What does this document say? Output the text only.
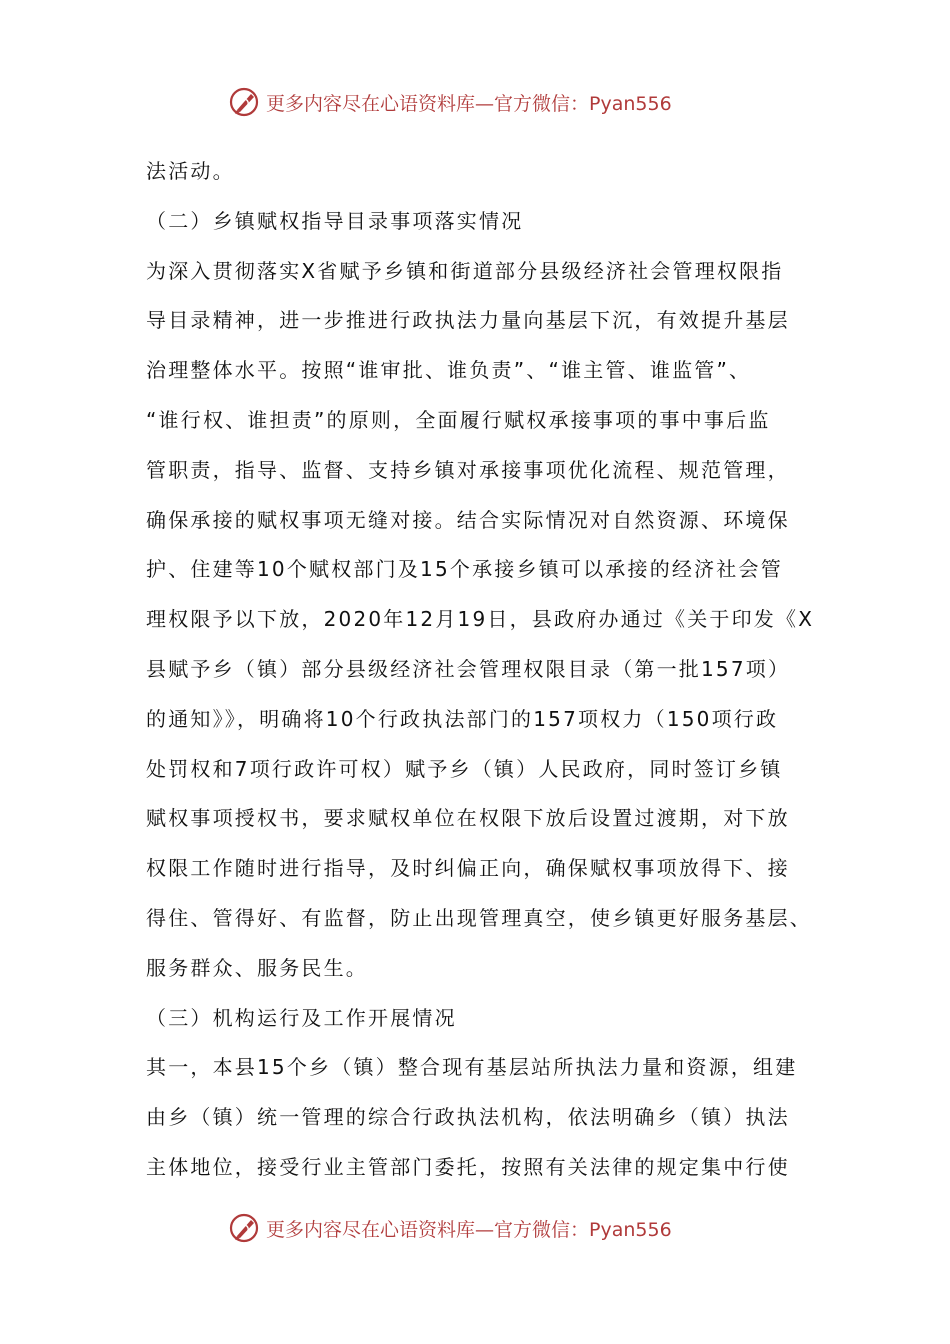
更多内容尽在心语资料库—官方微信：Pyan556
法活动。
（二）乡镇赋权指导目录事项落实情况
为深入贯彻落实X省赋予乡镇和街道部分县级经济社会管理权限指
导目录精神，进一步推进行政执法力量向基层下沉，有效提升基层
治理整体水平。按照“谁审批、谁负责”、“谁主管、谁监管”、
“谁行权、谁担责”的原则，全面履行赋权承接事项的事中事后监
管职责，指导、监督、支持乡镇对承接事项优化流程、规范管理，
确保承接的赋权事项无缝对接。结合实际情况对自然资源、环境保
护、住建等10个赋权部门及15个承接乡镇可以承接的经济社会管
理权限予以下放，2020年12月19日，县政府办通过《关于印发《X
县赋予乡（镇）部分县级经济社会管理权限目录（第一批157项）
的通知》》，明确将10个行政执法部门的157项权力（150项行政
处罚权和7项行政许可权）赋予乡（镇）人民政府，同时签订乡镇
赋权事项授权书，要求赋权单位在权限下放后设置过渡期，对下放
权限工作随时进行指导，及时纠偏正向，确保赋权事项放得下、接
得住、管得好、有监督，防止出现管理真空，使乡镇更好服务基层、
服务群众、服务民生。
（三）机构运行及工作开展情况
其一，本县15个乡（镇）整合现有基层站所执法力量和资源，组建
由乡（镇）统一管理的综合行政执法机构，依法明确乡（镇）执法
主体地位，接受行业主管部门委托，按照有关法律的规定集中行使
更多内容尽在心语资料库—官方微信：Pyan556
